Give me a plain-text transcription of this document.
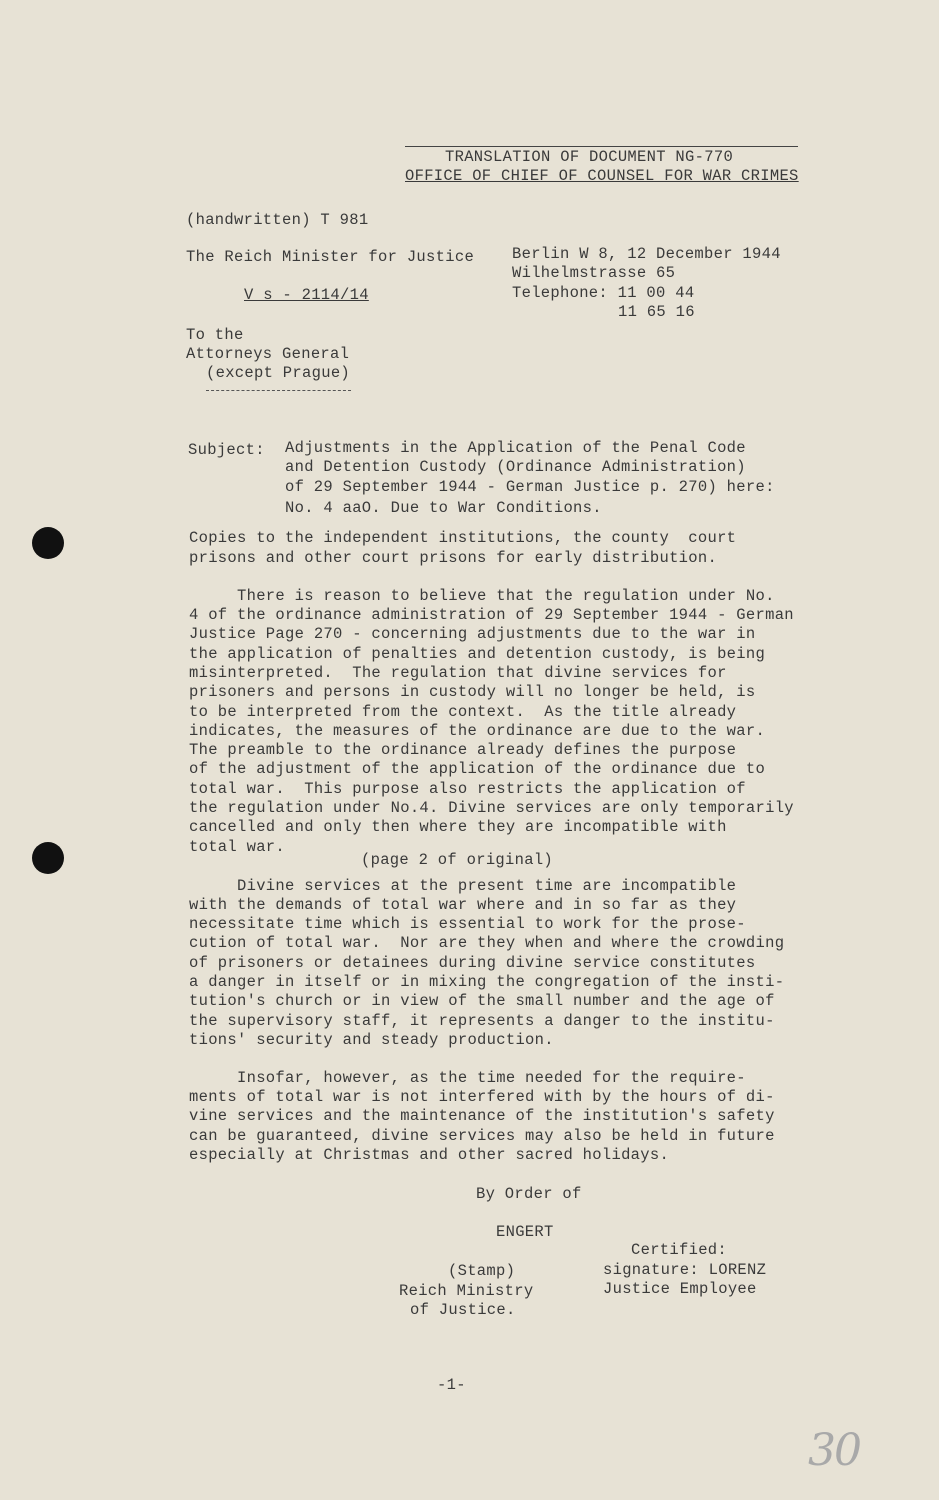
TRANSLATION OF DOCUMENT NG-770
OFFICE OF CHIEF OF COUNSEL FOR WAR CRIMES
(handwritten) T 981
The Reich Minister for Justice
V s - 2114/14
Berlin W 8, 12 December 1944
Wilhelmstrasse 65
Telephone: 11 00 44
11 65 16
To the
Attorneys General
(except Prague)
Subject: Adjustments in the Application of the Penal Code
and Detention Custody (Ordinance Administration)
of 29 September 1944 - German Justice p. 270) here:
No. 4 aaO. Due to War Conditions.
Copies to the independent institutions, the county  court
prisons and other court prisons for early distribution.
There is reason to believe that the regulation under No.
4 of the ordinance administration of 29 September 1944 - German
Justice Page 270 - concerning adjustments due to the war in
the application of penalties and detention custody, is being
misinterpreted.  The regulation that divine services for
prisoners and persons in custody will no longer be held, is
to be interpreted from the context.  As the title already
indicates, the measures of the ordinance are due to the war.
The preamble to the ordinance already defines the purpose
of the adjustment of the application of the ordinance due to
total war.  This purpose also restricts the application of
the regulation under No.4. Divine services are only temporarily
cancelled and only then where they are incompatible with
total war.
(page 2 of original)
Divine services at the present time are incompatible
with the demands of total war where and in so far as they
necessitate time which is essential to work for the prose-
cution of total war.  Nor are they when and where the crowding
of prisoners or detainees during divine service constitutes
a danger in itself or in mixing the congregation of the insti-
tution's church or in view of the small number and the age of
the supervisory staff, it represents a danger to the institu-
tions' security and steady production.
Insofar, however, as the time needed for the require-
ments of total war is not interfered with by the hours of di-
vine services and the maintenance of the institution's safety
can be guaranteed, divine services may also be held in future
especially at Christmas and other sacred holidays.
By Order of
ENGERT
(Stamp)
Reich Ministry
of Justice.
Certified:
signature: LORENZ
Justice Employee
-1-
30
